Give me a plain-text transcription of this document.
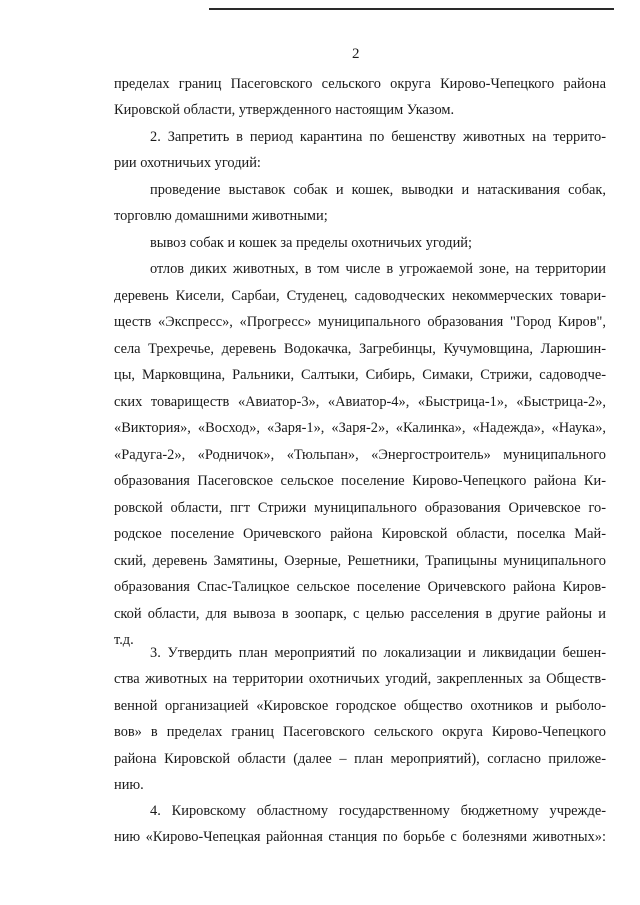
2
пределах границ Пасеговского сельского округа Кирово-Чепецкого района
Кировской области, утвержденного настоящим Указом.
2. Запретить в период карантина по бешенству животных на террито-
рии охотничьих угодий:
проведение выставок собак и кошек, выводки и натаскивания собак,
торговлю домашними животными;
вывоз собак и кошек за пределы охотничьих угодий;
отлов диких животных, в том числе в угрожаемой зоне, на территории
деревень Кисели, Сарбаи, Студенец, садоводческих некоммерческих товари-
ществ «Экспресс», «Прогресс» муниципального образования "Город Киров",
села Трехречье, деревень Водокачка, Загребинцы, Кучумовщина, Ларюшин-
цы, Марковщина, Ральники, Салтыки, Сибирь, Симаки, Стрижи, садоводче-
ских товариществ «Авиатор-3», «Авиатор-4», «Быстрица-1», «Быстрица-2»,
«Виктория», «Восход», «Заря-1», «Заря-2», «Калинка», «Надежда», «Наука»,
«Радуга-2», «Родничок», «Тюльпан», «Энергостроитель» муниципального
образования Пасеговское сельское поселение Кирово-Чепецкого района Ки-
ровской области, пгт Стрижи муниципального образования Оричевское го-
родское поселение Оричевского района Кировской области, поселка Май-
ский, деревень Замятины, Озерные, Решетники, Трапицыны муниципального
образования Спас-Талицкое сельское поселение Оричевского района Киров-
ской области, для вывоза в зоопарк, с целью расселения в другие районы и
т.д.
3. Утвердить план мероприятий по локализации и ликвидации бешен-
ства животных на территории охотничьих угодий, закрепленных за Обществ-
венной организацией «Кировское городское общество охотников и рыболо-
вов» в пределах границ Пасеговского сельского округа Кирово-Чепецкого
района Кировской области (далее – план мероприятий), согласно приложе-
нию.
4. Кировскому областному государственному бюджетному учрежде-
нию «Кирово-Чепецкая районная станция по борьбе с болезнями животных»:
